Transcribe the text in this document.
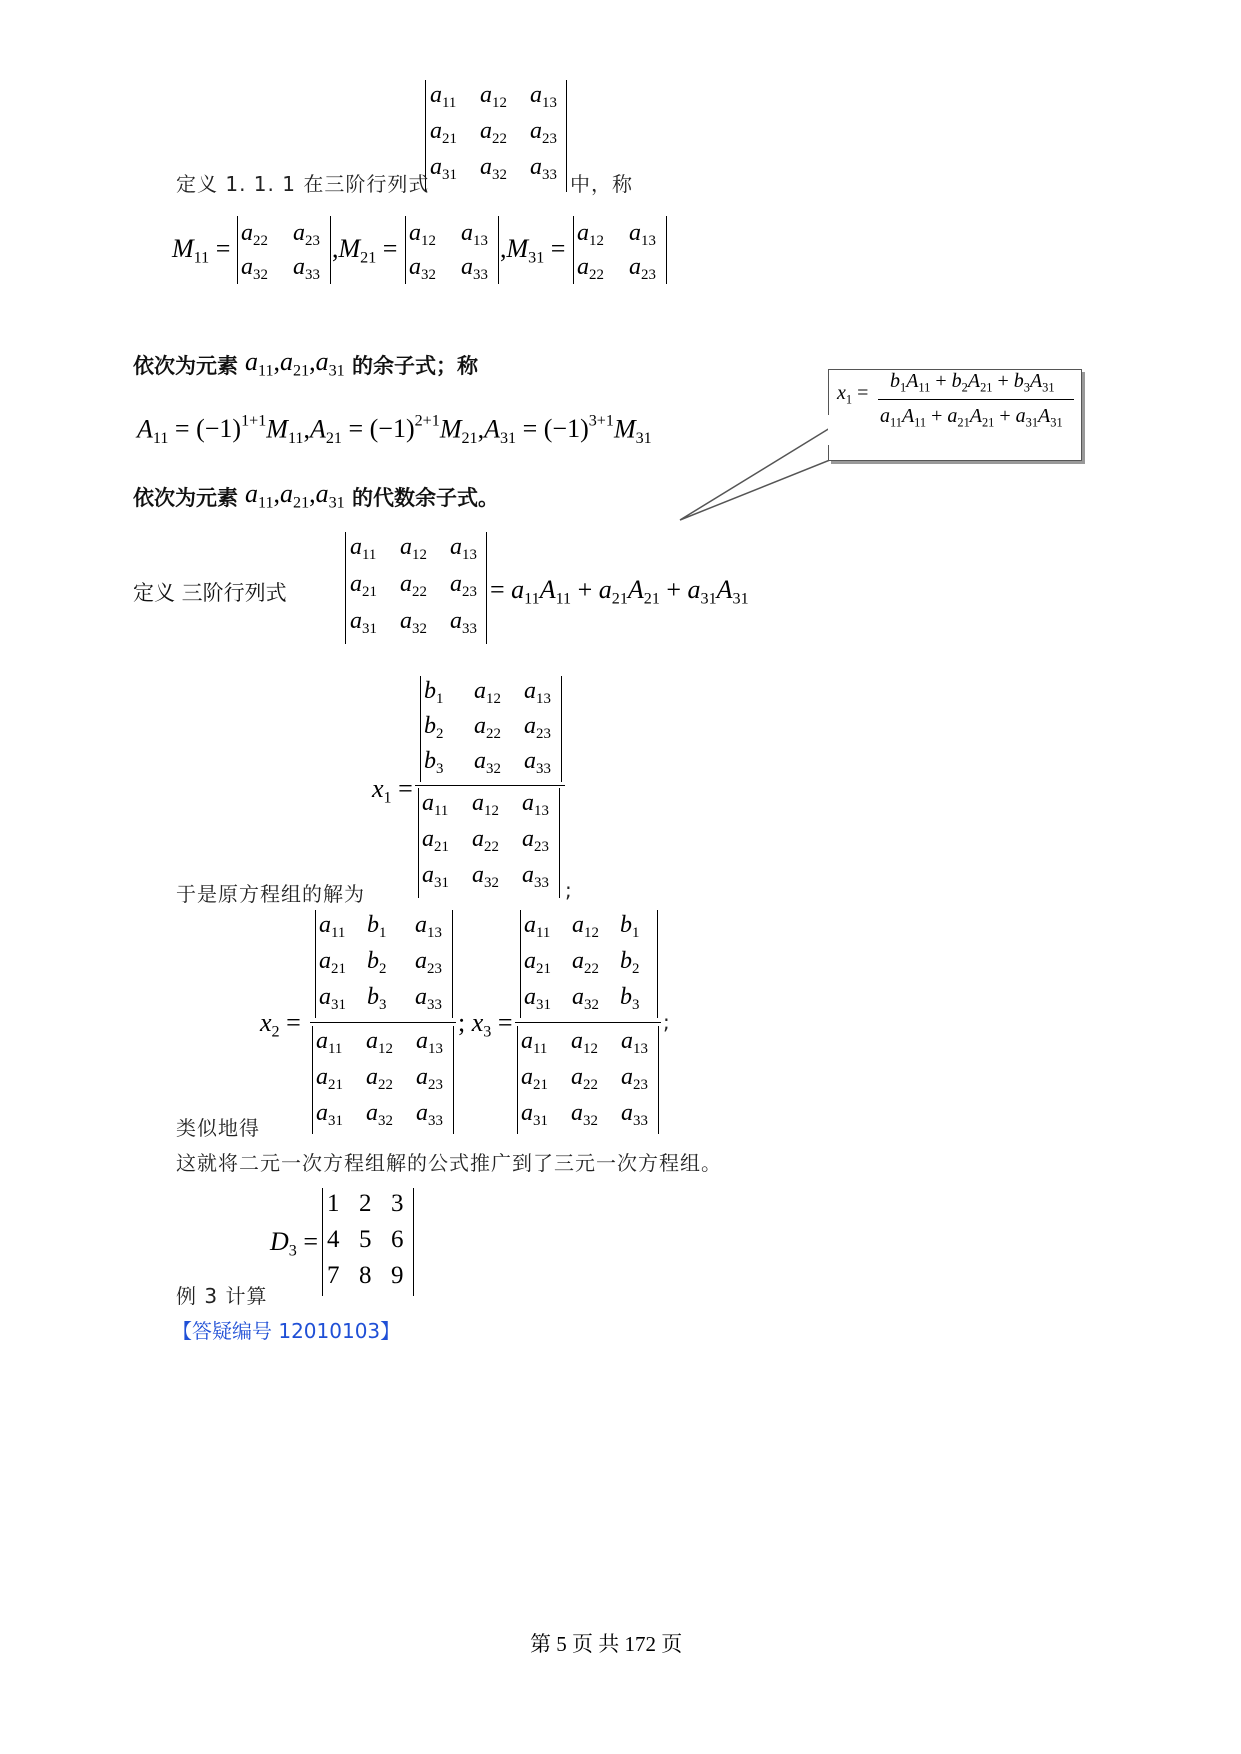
$a_{11}$ $a_{12}$ $a_{13}$
$a_{21}$ $a_{22}$ $a_{23}$
$a_{31}$ $a_{32}$ $a_{33}$
定义 1. 1. 1 在三阶行列式	中，称
$M_{11}$ =	$,M_{21}$ =	$,M_{31}$ =
$a_{22}$ $a_{23}$
$a_{32}$ $a_{33}$
$a_{12}$ $a_{13}$
$a_{32}$ $a_{33}$
$a_{12}$ $a_{13}$
$a_{22}$ $a_{23}$
依次为元素 $a_{11},a_{21},a_{31}$ 的余子式；称
$A_{11} = (-1)^{1+1}M_{11},A_{21} = (-1)^{2+1}M_{21},A_{31} = (-1)^{3+1}M_{31}$
依次为元素 $a_{11},a_{21},a_{31}$ 的代数余子式。
$x_1$ =
$b_1A_{11} + b_2A_{21} + b_3A_{31}$
$a_{11}A_{11} + a_{21}A_{21} + a_{31}A_{31}$
定义 三阶行列式
$a_{11}$ $a_{12}$ $a_{13}$
$a_{21}$ $a_{22}$ $a_{23}$
$a_{31}$ $a_{32}$ $a_{33}$
= $a_{11}A_{11} + a_{21}A_{21} + a_{31}A_{31}$
$x_1$ =
$b_1$ $a_{12}$ $a_{13}$
$b_2$ $a_{22}$ $a_{23}$
$b_3$ $a_{32}$ $a_{33}$
$a_{11}$ $a_{12}$ $a_{13}$
$a_{21}$ $a_{22}$ $a_{23}$
$a_{31}$ $a_{32}$ $a_{33}$
于是原方程组的解为	;
$x_2$ =	; $x_3$ =	;
$a_{11}$ $b_1$ $a_{13}$
$a_{21}$ $b_2$ $a_{23}$
$a_{31}$ $b_3$ $a_{33}$
$a_{11}$ $a_{12}$ $a_{13}$
$a_{21}$ $a_{22}$ $a_{23}$
$a_{31}$ $a_{32}$ $a_{33}$
$a_{11}$ $a_{12}$ $b_1$
$a_{21}$ $a_{22}$ $b_2$
$a_{31}$ $a_{32}$ $b_3$
$a_{11}$ $a_{12}$ $a_{13}$
$a_{21}$ $a_{22}$ $a_{23}$
$a_{31}$ $a_{32}$ $a_{33}$
类似地得
这就将二元一次方程组解的公式推广到了三元一次方程组。
$D_3$ =
1 2 3
4 5 6
7 8 9
例 3 计算
【答疑编号 12010103】
第 5 页 共 172 页
